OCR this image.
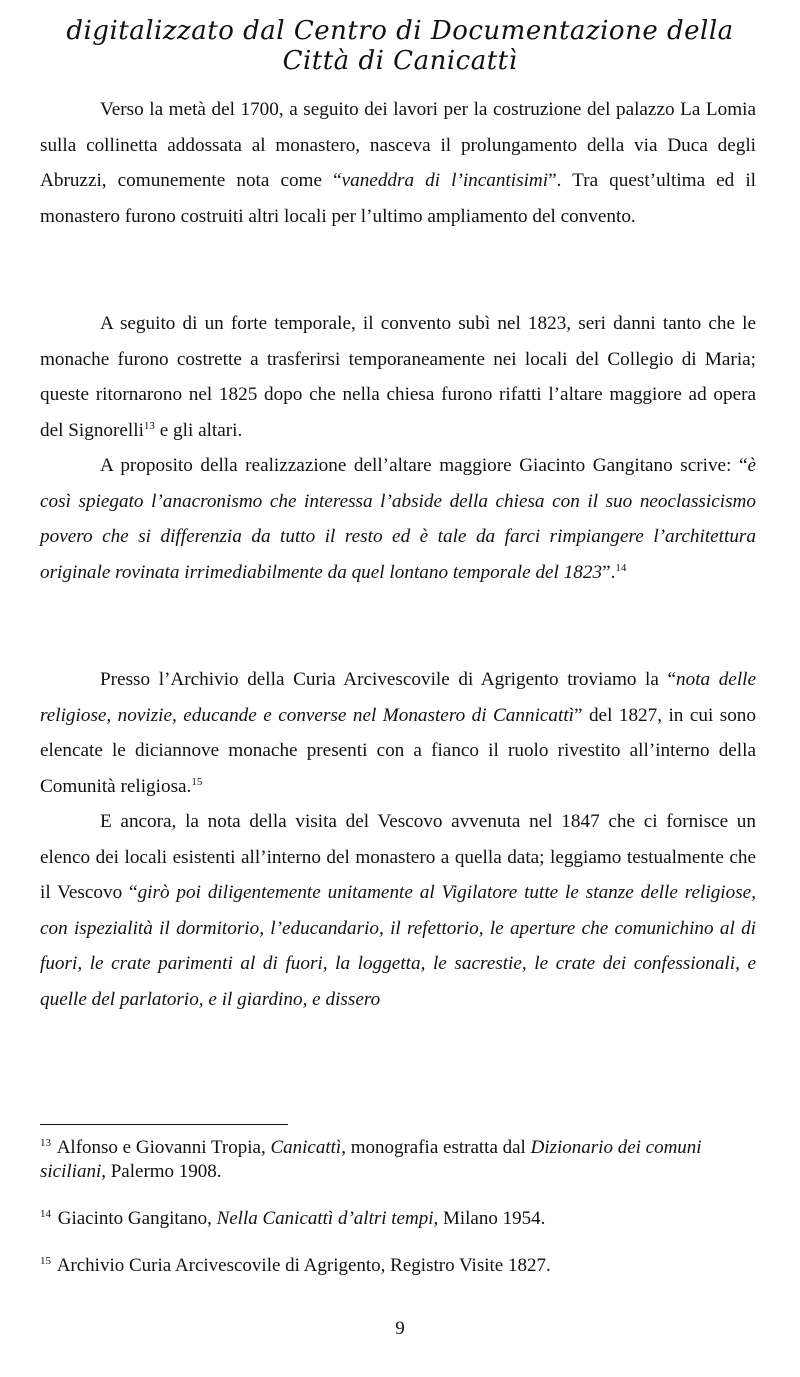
digitalizzato dal Centro di Documentazione della Città di Canicattì

Verso la metà del 1700, a seguito dei lavori per la costruzione del palazzo La Lomia sulla collinetta addossata al monastero, nasceva il prolungamento della via Duca degli Abruzzi, comunemente nota come “vaneddra di l’incantisimi”. Tra quest’ultima ed il monastero furono costruiti altri locali per l’ultimo ampliamento del convento.

A seguito di un forte temporale, il convento subì nel 1823, seri danni tanto che le monache furono costrette a trasferirsi temporaneamente nei locali del Collegio di Maria; queste ritornarono nel 1825 dopo che nella chiesa furono rifatti l’altare maggiore ad opera del Signorelli$^{13}$ e gli altari.

A proposito della realizzazione dell’altare maggiore Giacinto Gangitano scrive: “è così spiegato l’anacronismo che interessa l’abside della chiesa con il suo neoclassicismo povero che si differenzia da tutto il resto ed è tale da farci rimpiangere l’architettura originale rovinata irrimediabilmente da quel lontano temporale del 1823”.$^{14}$

Presso l’Archivio della Curia Arcivescovile di Agrigento troviamo la “nota delle religiose, novizie, educande e converse nel Monastero di Cannicattì” del 1827, in cui sono elencate le diciannove monache presenti con a fianco il ruolo rivestito all’interno della Comunità religiosa.$^{15}$

E ancora, la nota della visita del Vescovo avvenuta nel 1847 che ci fornisce un elenco dei locali esistenti all’interno del monastero a quella data; leggiamo testualmente che il Vescovo “girò poi diligentemente unitamente al Vigilatore tutte le stanze delle religiose, con ispezialità il dormitorio, l’educandario, il refettorio, le aperture che comunichino al di fuori, le crate parimenti al di fuori, la loggetta, le sacrestie, le crate dei confessionali, e quelle del parlatorio, e il giardino, e dissero

$^{13}$ Alfonso e Giovanni Tropia, Canicattì, monografia estratta dal Dizionario dei comuni siciliani, Palermo 1908.
$^{14}$ Giacinto Gangitano, Nella Canicattì d’altri tempi, Milano 1954.
$^{15}$ Archivio Curia Arcivescovile di Agrigento, Registro Visite 1827.
9
